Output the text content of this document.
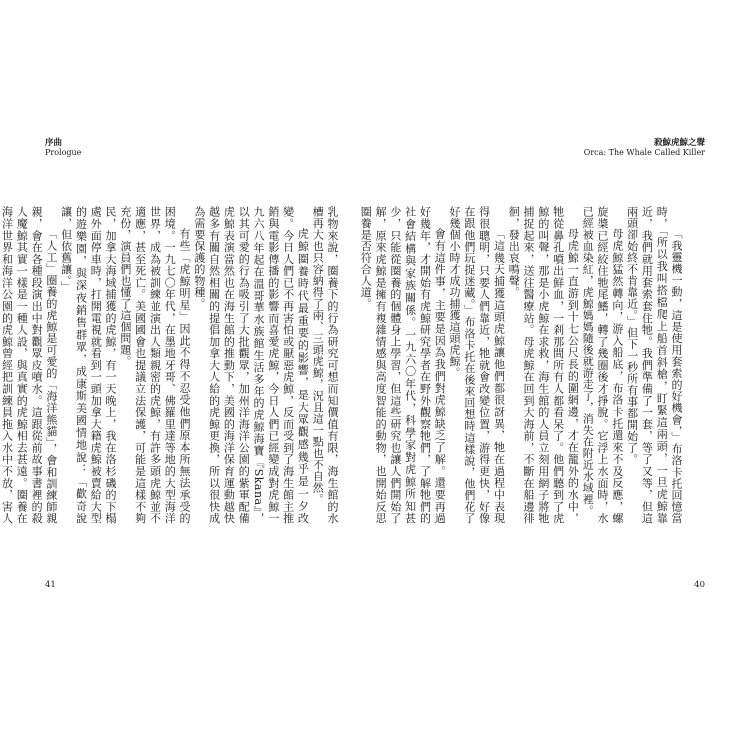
序曲
Prologue

乳物來說，圈養下的行為研究可想而知價值有限，海生館的水槽再大也只容納得了兩、三頭虎鯨，況且這一點也不自然。

虎鯨圈養時代最重要的影響，是大眾觀感幾乎是一夕改變。今日人們已不再害怕或厭惡虎鯨，反而受到了海生館主推銷與電影傳播的影響而喜愛虎鯨，今日人們已經變成對虎鯨一九六八年起在溫哥華水族館生活多年的虎鯨海寶『Skana』，以其可愛的行為吸引了大批觀眾，加州洋海洋公園的紫軍配備虎鯨表演當然也在海生館的推動下，美國的海洋保育運動越快越多有關自然相關的提倡加拿大人給的虎鯨更換，所以很快成為需要保護的物種。

有些「虎鯨明星」因此不得不忍受他們原本所無法承受的困境。一九七〇年代，在墨地牙哥、佛羅里達等地的大型海洋世界，成為被訓練並演出人類親密的虎鯨，有許多頭虎鯨並不適應，甚至死亡。美國國會也提議立法保護，可能是這樣不夠充份，演員們也懂了這個問題。

民，加拿大海域捕獲的虎鯨，有一天晚上，我在洛杉磯的下榻處外面停車時，打開電視就看到一頭加拿大籍虎鯨被賣給大型的遊樂園，與深夜銷售群眾，成康斯美國情地說：「歡奇說讓，但依舊讓。」

「人工」圈養的虎鯨是可愛的「海洋熊貓」，會和訓練師親親，會在各種段演出中對觀眾皮噴水。這跟從前故事書裡的殺人魔鯨其實一樣是一種人設，與真實的虎鯨相去甚遠。圈養在海洋世界和海洋公園的虎鯨曾經把訓練員拖入水中不放，害人

41
殺鯨虎鯨之聲
Orca: The Whale Called Killer

「我靈機一動，這是使用套索的好機會，」布洛卡托回憶當時，「所以我叫搭檔爬上船首斜槍，盯緊這兩頭，一旦虎鯨靠近，我們就用套索套住牠。我們準備了一套，等了又等，但這兩頭卻始終不肯靠近。」但下一秒所有事都開始了。

母虎鯨猛然轉向，游入船底，布洛卡托還來不及反應，螺旋槳已經絞住牠尾鰭，轉了幾圈後才掙脫。它浮上水面時，水已經被血染紅，虎鯨媽媽隨後就游走了，消失在附近水域裡。

母虎鯨一直游到十七公尺長的圍網邊，才在籠外的水中，牠從鼻孔噴出鮮血，一剎那間所有人都看呆了。他們聽到了虎鯨的叫聲，那是小虎鯨在求救，海生館的人員立刻用網子將牠捕捉起來，送往醫療站。母虎鯨在回到大海前，不斷在船邊徘徊，發出哀鳴聲。

「這幾天捕獲這頭虎鯨讓他們都很訝異，牠在過程中表現得很聰明，只要人們靠近，牠就會改變位置，游得更快，好像在跟他們玩捉迷藏。」布洛卡托在後來回想時這樣說，他們花了好幾個小時才成功捕獲這頭虎鯨。

會有這件事，主要是因為我們對虎鯨缺乏了解。還要再過好幾年，才開始有虎鯨研究學者在野外觀察牠們，了解牠們的社會結構與家族關係。一九六〇年代，科學家對虎鯨所知甚少，只能從圈養的個體身上學習，但這些研究也讓人們開始了解，原來虎鯨是擁有複雜情感與高度智能的動物，也開始反思圈養是否符合人道。

40
